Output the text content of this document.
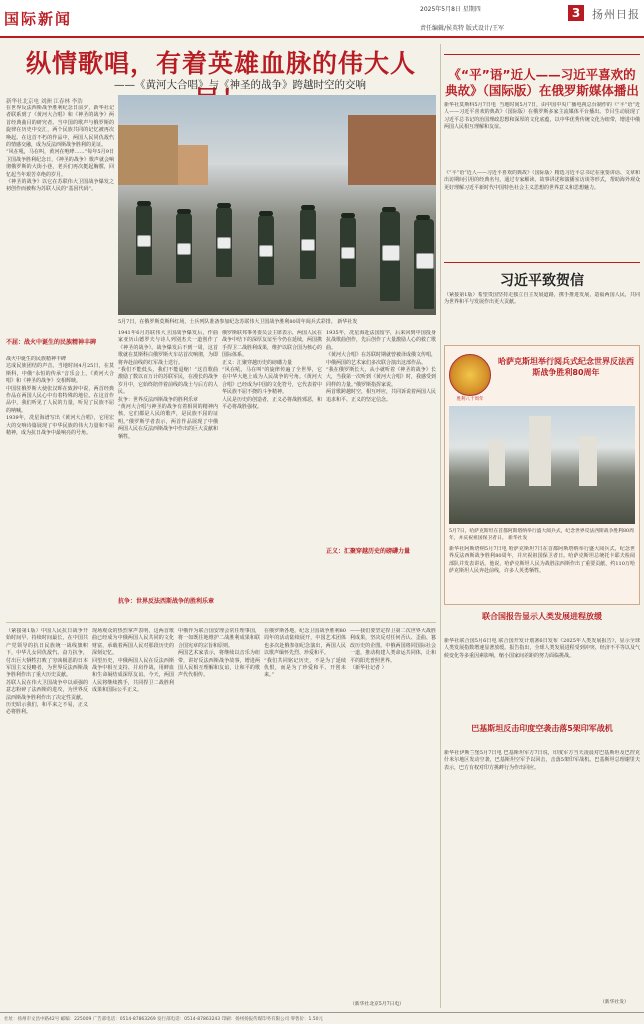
国际新闻
2025年5月8日 星期四
责任编辑/侯英特 版式设计/王军
3	扬州日报
纵情歌唱，有着英雄血脉的伟大人
——《黄河大合唱》与《神圣的战争》跨越时空的交响
新华社北京电 刘洲 江春林 李浩
在世界反法西斯战争胜利纪念日前夕，新华社记者联系到了《黄河大合唱》和《神圣的战争》两首经典曲目的研究者。当中国的歌声与俄罗斯的旋律在历史中交汇，两个民族共同的记忆被再次唤起。在这首不朽的作品中，两国人民同仇敌忾的情感交融，成为反法西斯战争胜利的见证。
“风在吼，马在叫，黄河在咆哮……”每年5月9日卫国战争胜利纪念日，《神圣的战争》歌声就会响彻俄罗斯的大街小巷，老兵们再次挺起胸膛，回忆起当年艰苦卓绝的岁月。
《神圣的战争》以它在苏联伟大卫国战争爆发之初创作而被称为苏联人民的“基因代码”。
5月7日，在俄罗斯莫斯科红场，士兵列队准备参加纪念苏联伟大卫国战争胜利80周年阅兵式彩排。 新华社发
不屈：战火中诞生的民族精神丰碑
战火中诞生的民族精神丰碑
达成民族团结的声音。当地时间4月25日，在莫斯科，中俄“永恒的传承”音乐会上，《黄河大合唱》和《神圣的战争》交相辉映。
中国驻俄罗斯大使张汉晖在致辞中说，两首经典作品在两国人民心中有着特殊的地位。在这首作品中，我们听见了人民的力量，听见了民族不屈的呐喊。
1939年，冼星海谱写出《黄河大合唱》，它用宏大的交响诗篇展现了中华民族的伟大力量和不屈精神，成为抗日战争中最响亮的号角。
1941年6月苏联伟大卫国战争爆发后，作曲家亚历山德罗夫与诗人列别杰夫一道创作了《神圣的战争》。战争爆发后不到一周，这首歌就在莫斯科白俄罗斯火车站首次响彻，为即将奔赴前线的红军战士送行。
“我们不能低头，我们不能退缩！”这首歌曲激励了数以百万计的苏联军民，在漫长的战争岁月中，它始终陪伴着前线的战士与后方的人民。
抗争：世界反法西斯战争的胜利乐章
“黄河大合唱与神圣的战争有着相同的精神内核，它们都是人民的歌声，是民族不屈的证明。”俄罗斯学者表示，两首作品展现了中俄两国人民在反法西斯战争中作出的巨大贡献和牺牲。
抗争：世界反法西斯战争的胜利乐章
俄罗斯联邦事务委员会主席表示，两国人民在战争中结下的深厚友谊至今仍在延续，两国携手捍卫二战胜利成果，维护以联合国为核心的国际体系。
正义：汇聚穿越历史的磅礴力量
“风在吼，马在叫”的旋律传遍了全世界，它在中华大地上成为人民战争的号角。《黄河大合唱》已经成为中国的文化符号，它代表着中华民族不屈不挠的斗争精神。
人民是历史的创造者，正义必将战胜邪恶，和平必将战胜强权。
正义：汇聚穿越历史的磅礴力量
1935年，冼星海赴法国留学，后来回到中国投身抗战歌曲创作，先后创作了大量激励人心的救亡歌曲。
《黄河大合唱》在苏联时期就曾被译成俄文传唱，中俄两国的艺术家们多次联合演出这部作品。
“我在俄罗斯长大，从小就听着《神圣的战争》长大，当我第一次听到《黄河大合唱》时，我感受到同样的力量。”俄罗斯指挥家说。
两首歌跨越时空，相互呼应，共同诉说着两国人民追求和平、正义的坚定信念。
（紧接第1版）中国人民抗日战争开始时间早、持续时间最长，在中国共产党领导的抗日民族统一战线旗帜下，中华儿女同仇敌忾、奋力抗争，付出巨大牺牲打败了穷凶极恶的日本军国主义侵略者，为世界反法西斯战争胜利作出了重大历史贡献。
苏联人民在伟大卫国战争中以顽强的意志粉碎了法西斯的进攻，为世界反法西斯战争胜利作出了决定性贡献。
历史昭示我们，和平来之不易，正义必将胜利。
现场观众的热烈掌声表明，这两首歌曲已经成为中俄两国人民共同的文化财富，承载着两国人民对那段历史的深刻记忆。
回望历史，中俄两国人民在反法西斯战争中相互支持、并肩作战，用鲜血和生命凝结成深厚友谊。今天，两国人民将继续携手，共同捍卫二战胜利成果和国际公平正义。
中俄作为联合国安理会常任理事国，将一如既往地维护二战胜利成果和联合国宪章的宗旨和原则。
两国艺术家表示，将继续以音乐为纽带，讲好反法西斯战争故事，增进两国人民相互理解和友谊，让和平的歌声代代相传。
在俄罗斯各地，纪念卫国战争胜利80周年的活动陆续展开，中国艺术团体也多次赴俄参加纪念演出，两国人民以歌声缅怀先烈、珍爱和平。
“我们共同铭记历史，不是为了延续仇恨，而是为了珍爱和平、开创未来。”
——我们要坚定捍卫第二次世界大战胜利成果，坚决反对任何否认、歪曲、篡改历史的企图。中俄两国将同国际社会一道，推动构建人类命运共同体，让和平的阳光普照世界。
（新华社记者 ）
（新华社北京5月7日电）
《“平”语”近人——习近平喜欢的典故》（国际版）在俄罗斯媒体播出
新华社莫斯科5月7日电  当地时间5月7日，由中国中央广播电视总台制作的《“平”语”近人——习近平喜欢的典故》（国际版）在俄罗斯多家主流媒体平台播出。节目生动展现了习近平总书记的治国理政思想和深厚的文化底蕴，以中华优秀传统文化为纽带，增进中俄两国人民相互理解和友谊。
《“平”语”近人——习近平喜欢的典故》（国际版）精选习近平总书记在重要讲话、文章和出访期间引用的经典名句，通过专家解读、故事讲述和演播室访谈等形式，帮助海外观众更好理解习近平新时代中国特色社会主义思想的世界意义和思想魅力。
习近平致贺信
（紧接第1版）希望贵国坚持走独立自主发展道路，携手推进发展，造福两国人民，共同为世界和平与发展作出更大贡献。
胜利八十周年
哈萨克斯坦举行阅兵式纪念世界反法西斯战争胜利80周年
5月7日，哈萨克斯坦在首都阿斯塔纳举行盛大阅兵式，纪念世界反法西斯战争胜利80周年，并庆祝祖国保卫者日。 新华社发
新华社阿斯塔纳5月7日电 哈萨克斯坦7日在首都阿斯塔纳举行盛大阅兵式，纪念世界反法西斯战争胜利80周年，并庆祝祖国保卫者日。哈萨克斯坦总统托卡耶夫检阅部队并发表讲话。他说，哈萨克斯坦人民为战胜法西斯作出了重要贡献，约110万哈萨克斯坦人民奔赴前线，许多人英勇牺牲。
联合国报告显示人类发展进程放缓
新华社联合国5月6日电 联合国开发计划署6日发布《2025年人类发展报告》，显示全球人类发展指数增速显著放缓。报告指出，全球人类发展进程受到冲突、经济不平等以及气候变化等多重因素影响，缩小国家间差距的努力面临挑战。
巴基斯坦反击印度空袭击落5架印军战机
新华社伊斯兰堡5月7日电 巴基斯坦军方7日说，印度军方当天凌晨对巴基斯坦及巴控克什米尔地区发动空袭，巴基斯坦空军予以回击，击落5架印军战机。巴基斯坦总理谢里夫表示，巴方有权对印方挑衅行为作出回应。
（新华社发）
社址：扬州市文昌中路42号 邮编：225009 广告部电话：0514-87863269 发行部电话：0514-87863243 印刷：扬州扬报传媒印务有限公司 零售价：1.50元
